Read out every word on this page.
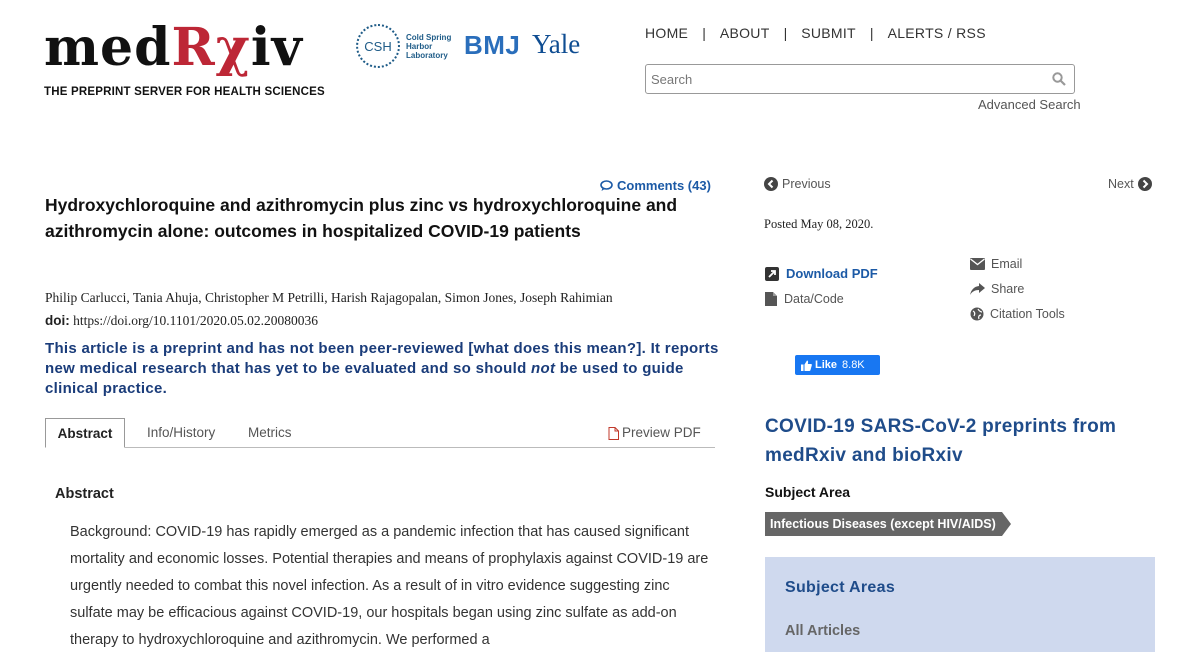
medRχiv
THE PREPRINT SERVER FOR HEALTH SCIENCES
CSH
Cold Spring Harbor Laboratory BMJ Yale	HOME | ABOUT | SUBMIT | ALERTS / RSS
Search
Advanced Search
Comments (43)
Hydroxychloroquine and azithromycin plus zinc vs hydroxychloroquine and azithromycin alone: outcomes in hospitalized COVID-19 patients
Philip Carlucci, Tania Ahuja, Christopher M Petrilli, Harish Rajagopalan, Simon Jones, Joseph Rahimian
doi: https://doi.org/10.1101/2020.05.02.20080036
This article is a preprint and has not been peer-reviewed [what does this mean?]. It reports new medical research that has yet to be evaluated and so should not be used to guide clinical practice.
Abstract	Info/History Metrics	Preview PDF
Abstract

Background: COVID-19 has rapidly emerged as a pandemic infection that has caused significant mortality and economic losses. Potential therapies and means of prophylaxis against COVID-19 are urgently needed to combat this novel infection. As a result of in vitro evidence suggesting zinc sulfate may be efficacious against COVID-19, our hospitals began using zinc sulfate as add-on therapy to hydroxychloroquine and azithromycin. We performed a

Previous	Next
Posted May 08, 2020.
Download PDF
Data/Code
Email
Share
Citation Tools
Like 8.8K
COVID-19 SARS-CoV-2 preprints from medRxiv and bioRxiv
Subject Area
Infectious Diseases (except HIV/AIDS)
Subject Areas
All Articles
